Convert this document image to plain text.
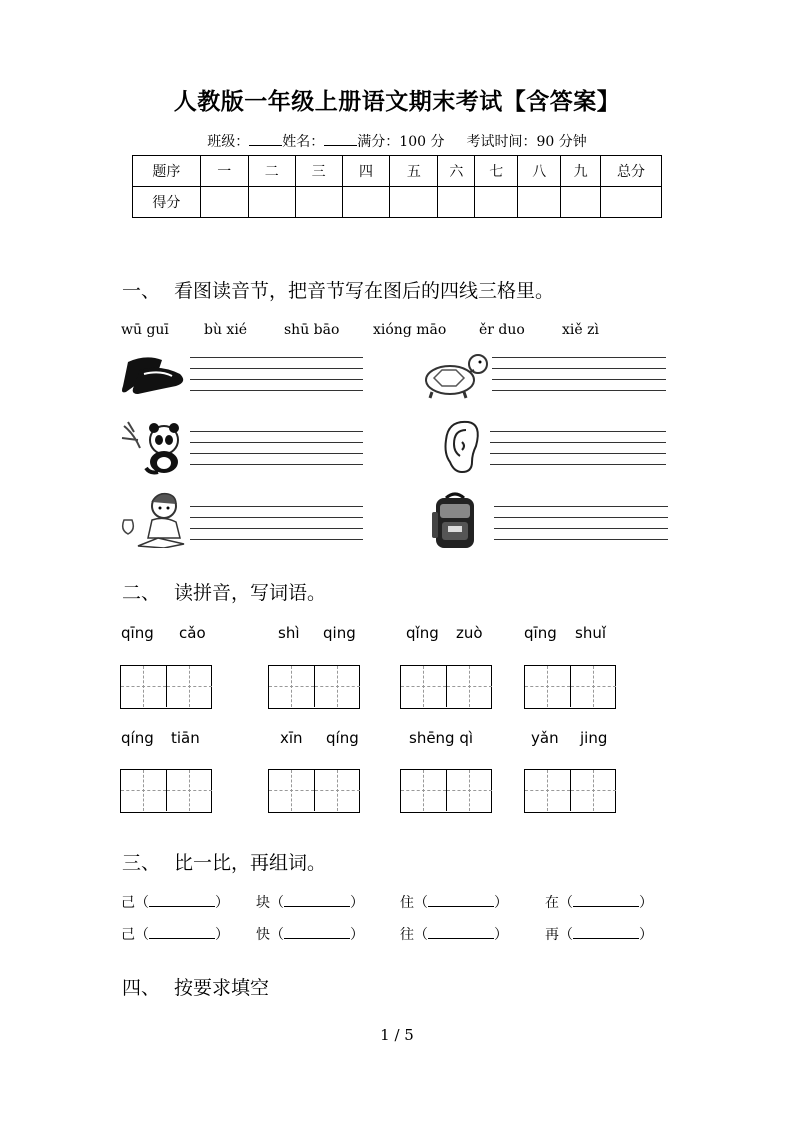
人教版一年级上册语文期末考试【含答案】
班级： 姓名： 满分：100 分 考试时间：90 分钟
题序	一	二	三	四	五	六	七	八	九	总分
得分										
一、 看图读音节，把音节写在图后的四线三格里。
wū guī	bù xié	shū bāo xióng māo ěr duo	xiě zì
二、 读拼音，写词语。
qīng cǎo	shì qing	qǐng zuò	qīng shuǐ
qíng tiān	xīn qíng	shēng qì	yǎn jing
三、 比一比，再组词。
己（	） 块（	）	住（	）	在（	）
己（	） 快（	）	往（	）	再（	）
四、 按要求填空
1 / 5
